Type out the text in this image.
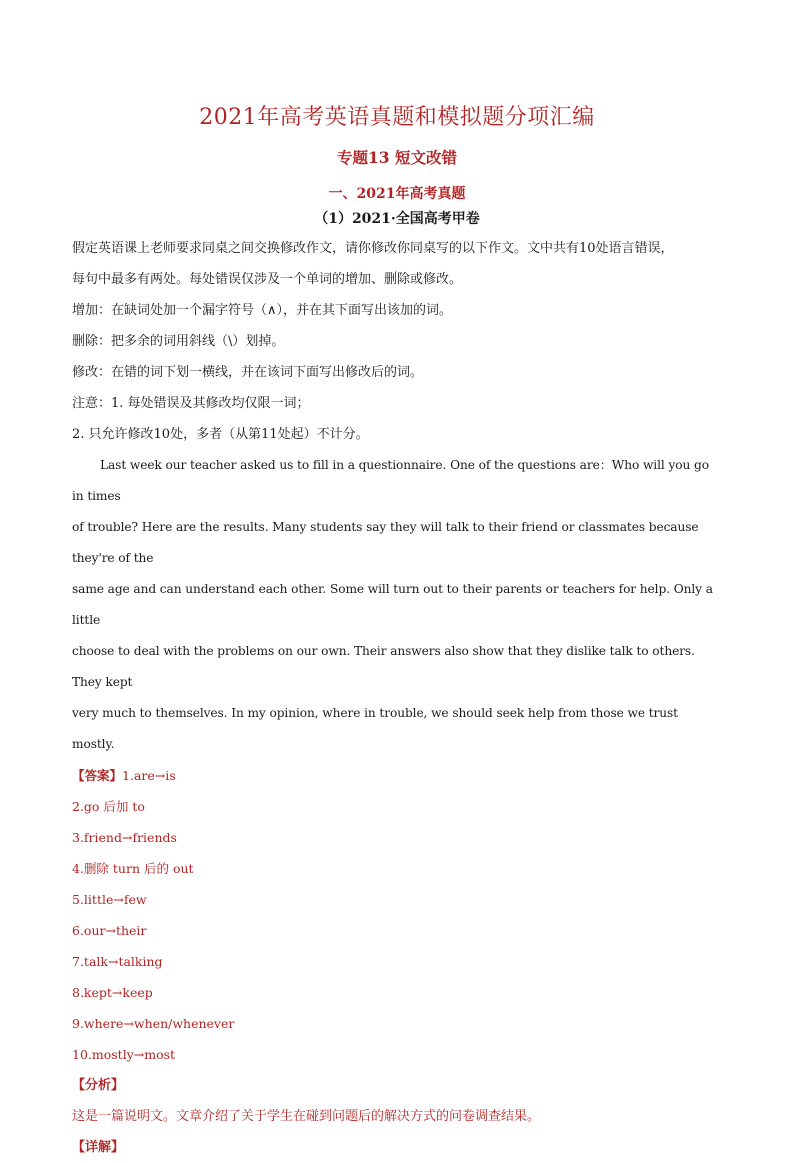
2021年高考英语真题和模拟题分项汇编
专题13 短文改错
一、2021年高考真题
（1）2021·全国高考甲卷

假定英语课上老师要求同桌之间交换修改作文，请你修改你同桌写的以下作文。文中共有10处语言错误，

每句中最多有两处。每处错误仅涉及一个单词的增加、删除或修改。

增加：在缺词处加一个漏字符号（∧），并在其下面写出该加的词。

删除：把多余的词用斜线（\）划掉。

修改：在错的词下划一横线，并在该词下面写出修改后的词。

注意：1. 每处错误及其修改均仅限一词；

2. 只允许修改10处，多者（从第11处起）不计分。

Last week our teacher asked us to fill in a questionnaire. One of the questions are：Who will you go in times

of trouble? Here are the results. Many students say they will talk to their friend or classmates because they're of the

same age and can understand each other. Some will turn out to their parents or teachers for help. Only a little

choose to deal with the problems on our own. Their answers also show that they dislike talk to others. They kept

very much to themselves. In my opinion, where in trouble, we should seek help from those we trust mostly.

【答案】1.are→is

2.go 后加 to

3.friend→friends

4.删除 turn 后的 out

5.little→few

6.our→their

7.talk→talking

8.kept→keep

9.where→when/whenever

10.mostly→most

【分析】

这是一篇说明文。文章介绍了关于学生在碰到问题后的解决方式的问卷调查结果。

【详解】
